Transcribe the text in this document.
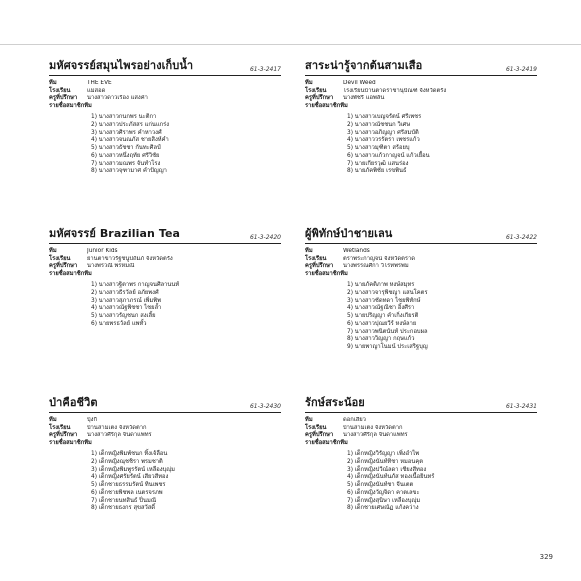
มหัศจรรย์สมุนไพรอย่างเก็บน้ำ	61-3-2417
ทีม	THE EVE
โรงเรียน	แม่สอด
ครูที่ปรึกษา	นางสาวดาวเรือง แสงคำ
รายชื่อสมาชิกทีม
1) นางสาวกนกพร นะติกา
2) นางสาวประภัสสร แก่นแกร่ง
3) นางสาวศิราพร คำหาวงศ์
4) นางสาวจนณภัส ชายสิงห์คำ
5) นางสาวธัชชา กันทะศิลป์
6) นางสาวหนึ่งฤทัย ศรีวิชัย
7) นางสาวมณพร จันทำโรง
8) นางสาวจุฑามาศ คำปัญญา
สาระน่ารู้จากต้นสามเสือ	61-3-2419
ทีม	Devil Weed
โรงเรียน	โรงเรียนบ้านตาดราชานุบัณฑ์ จังหวัดตรัง
ครูที่ปรึกษา	นางพัชรี แอพลัน
รายชื่อสมาชิกทีม
1) นางสาวเบญจรัตน์ ศรีเพชร
2) นางสาวณัชชนก วิเศษ
3) นางสาวอภิญญา ศรีสมบัติ
4) นางสาววรรัตรา เพชรแก้ว
5) นางสาวมุฑิตา สร้อยบุ
6) นางสาวแก้วกาญจน์ แก้วเยื้อน
7) นายเกียรวุฒิ แสนร่อง
8) นายภัคพิชัย เรขพินธ์
มหัศจรรย์ Brazilian Tea	61-3-2420
ทีม	Junior Kids
โรงเรียน	ย่านตาขาวรัฐชนูปถัมภ์ จังหวัดตรัง
ครูที่ปรึกษา	นางพรวณี พรหมณี
รายชื่อสมาชิกทีม
1) นางสาวฐิตาพร กาญจนศิลานนท์
2) นางสาวธีรวัลย์ อภัยพงศ์
3) นางสาวสุภาภรณ์ เพิ่มพิพ
4) นางสาวณัฐพิชชา ไชยล้ำ
5) นางสาวรัญชนก สงเลี้ย
6) นายพรธวัลย์ แพทั้ว
ผู้พิทักษ์ป่าชายเลน	61-3-2422
ทีม	Wetlands
โรงเรียน	ตราพระกาญจน์ จังหวัดตราด
ครูที่ปรึกษา	นางพรรณศิกา วิโรทพรพม
รายชื่อสมาชิกทีม
1) นายภัคติภาพ หงษ์สมุทร
2) นางสาวจารุพิชญา แสนโคตร
3) นางสาวชัดทดา ไชยพิทักษ์
4) นางสาวณัฐณิชา อิ้งศีรา
5) นายปริญญา คำเกิ่งเกียรติ
6) นางสาวปุณยวีร์ หงษ์ลาย
7) นางสาวพนิตนันท์ ประกอบผล
8) นางสาววิญญา กฤษแก้ว
9) นายพาญาโนมน์ ประเสริฐบุญ
ป่าคือชีวิต	61-3-2430
ทีม	บุ้งกี๋
โรงเรียน	บ้านสามเต็ง จังหวัดตาก
ครูที่ปรึกษา	นางสาวศิริกุล จินดาแพทร
รายชื่อสมาชิกทีม
1) เด็กหญิงพิมพ์ชนก ทิ้งเจ้ลือน
2) เด็กหญิงณุชชิรา พรมชาติ
3) เด็กหญิงพิมพูรรัตน์ เหลืองบุญุ่ม
4) เด็กหญิงศรัยรัตน์ เสียวสีทอง
5) เด็กชายธรรมรัตน์ ทินเพชร
6) เด็กชายพิชพล เนตรจรภพ
7) เด็กชายนทสินธ์ ปิ่นมณี
8) เด็กชายธงกร สุขสวัสดิ์
รักษ์สระน้อย	61-3-2431
ทีม	ดอกเสี้ยว
โรงเรียน	บ้านสามเต็ง จังหวัดตาก
ครูที่ปรึกษา	นางสาวศิริกุล จินดาแพทร
รายชื่อสมาชิกทีม
1) เด็กหญิงวิรัญญา เพิ่งอำไพ
2) เด็กหญิงนันท์ทิชา หมอนคุต
3) เด็กหญิงปวีณ์ลดา เชียงสีทอง
4) เด็กหญิงนันท์นภัส ทองเนื้อยินทร์
5) เด็กหญิงนันท์ชา จีนเตต
6) เด็กหญิงวัญจิดา คาตเลขะ
7) เด็กหญิงสุนิษา เหลืองบุญุ่ม
8) เด็กชายเศษณัฏ แก้งคว่าง
329
